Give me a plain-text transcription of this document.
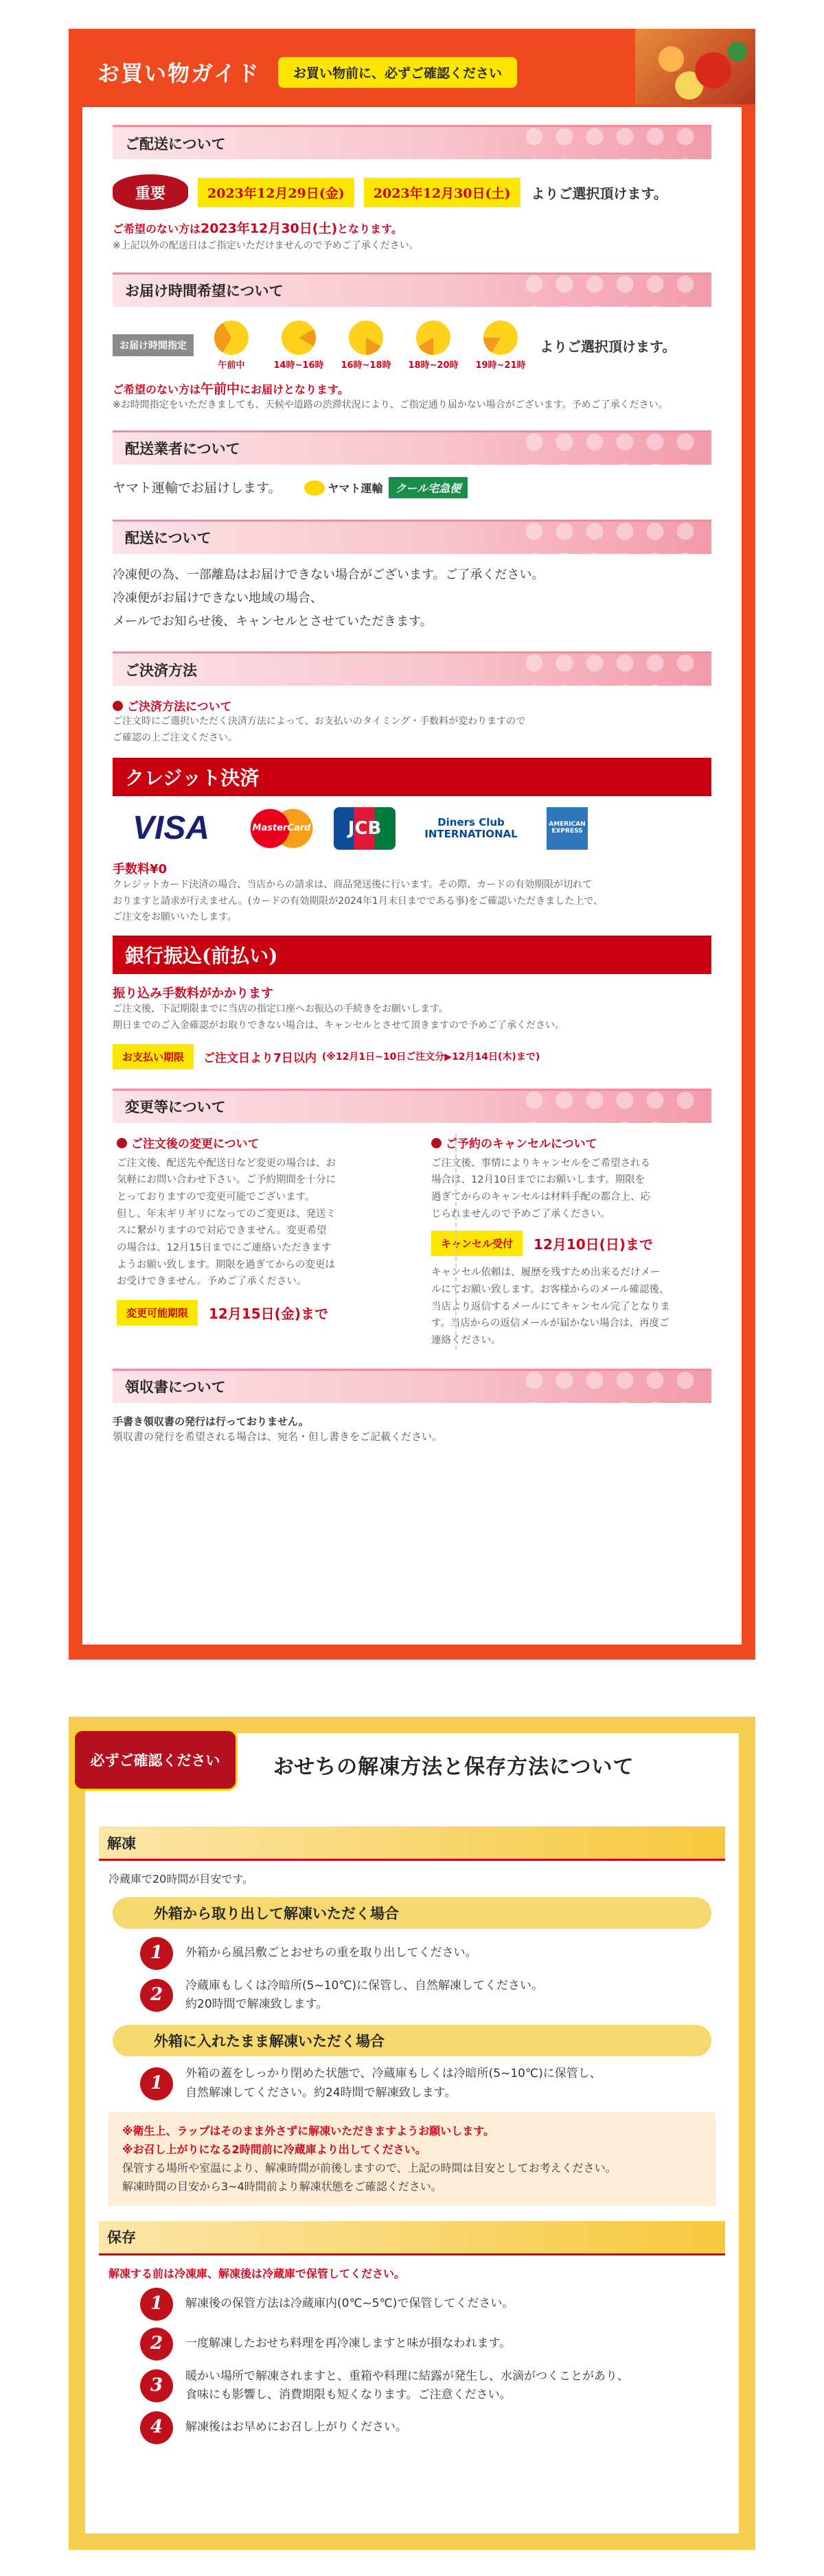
お買い物ガイド	お買い物前に、必ずご確認ください
ご配送について
重要	2023年12月29日(金)	2023年12月30日(土)	よりご選択頂けます。
ご希望のない方は2023年12月30日(土)となります。
※上記以外の配送日はご指定いただけませんので予めご了承ください。
お届け時間希望について
お届け時間指定
午前中	14時~16時	16時~18時	18時~20時	19時~21時
よりご選択頂けます。
ご希望のない方は午前中にお届けとなります。
※お時間指定をいただきましても、天候や道路の渋滞状況により、ご指定通り届かない場合がございます。予めご了承ください。
配送業者について
ヤマト運輸でお届けします。	ヤマト運輸	クール宅急便
配送について
冷凍便の為、一部離島はお届けできない場合がございます。ご了承ください。
冷凍便がお届けできない地域の場合、
メールでお知らせ後、キャンセルとさせていただきます。
ご決済方法
ご決済方法について
ご注文時にご選択いただく決済方法によって、お支払いのタイミング・手数料が変わりますので
ご確認の上ご注文ください。
クレジット決済
VISA	MasterCard	JCB	Diners Club INTERNATIONAL
AMERICAN EXPRESS
手数料¥0
クレジットカード決済の場合、当店からの請求は、商品発送後に行います。その際、カードの有効期限が切れて
おりますと請求が行えません。(カードの有効期限が2024年1月末日までである事)をご確認いただきました上で、
ご注文をお願いいたします。
銀行振込(前払い)
振り込み手数料がかかります
ご注文後、下記期限までに当店の指定口座へお振込の手続きをお願いします。
期日までのご入金確認がお取りできない場合は、キャンセルとさせて頂きますので予めご了承ください。
お支払い期限	ご注文日より7日以内 (※12月1日~10日ご注文分▶12月14日(木)まで)
変更等について
ご注文後の変更について
ご注文後、配送先や配送日など変更の場合は、お
気軽にお問い合わせ下さい。ご予約期間を十分に
とっておりますので変更可能でございます。
但し、年末ギリギリになってのご変更は、発送ミ
スに繋がりますので対応できません。変更希望
の場合は、12月15日までにご連絡いただきます
ようお願い致します。期限を過ぎてからの変更は
お受けできません。予めご了承ください。
変更可能期限	12月15日(金)まで
ご予約のキャンセルについて
ご注文後、事情によりキャンセルをご希望される
場合は、12月10日までにお願いします。期限を
過ぎてからのキャンセルは材料手配の都合上、応
じられませんので予めご了承ください。
キャンセル受付	12月10日(日)まで
キャンセル依頼は、履歴を残すため出来るだけメー
ルにてお願い致します。お客様からのメール確認後、
当店より返信するメールにてキャンセル完了となりま
す。当店からの返信メールが届かない場合は、再度ご
連絡ください。
領収書について
手書き領収書の発行は行っておりません。
領収書の発行を希望される場合は、宛名・但し書きをご記載ください。
必ずご確認ください	おせちの解凍方法と保存方法について
解凍
冷蔵庫で20時間が目安です。
外箱から取り出して解凍いただく場合
1	外箱から風呂敷ごとおせちの重を取り出してください。
2	冷蔵庫もしくは冷暗所(5~10℃)に保管し、自然解凍してください。
約20時間で解凍致します。
外箱に入れたまま解凍いただく場合
1	外箱の蓋をしっかり閉めた状態で、冷蔵庫もしくは冷暗所(5~10℃)に保管し、
自然解凍してください。約24時間で解凍致します。
※衛生上、ラップはそのまま外さずに解凍いただきますようお願いします。
※お召し上がりになる2時間前に冷蔵庫より出してください。
保管する場所や室温により、解凍時間が前後しますので、上記の時間は目安としてお考えください。
解凍時間の目安から3~4時間前より解凍状態をご確認ください。
保存
解凍する前は冷凍庫、解凍後は冷蔵庫で保管してください。
1	解凍後の保管方法は冷蔵庫内(0℃~5℃)で保管してください。
2	一度解凍したおせち料理を再冷凍しますと味が損なわれます。
3	暖かい場所で解凍されますと、重箱や料理に結露が発生し、水滴がつくことがあり、
食味にも影響し、消費期限も短くなります。ご注意ください。
4	解凍後はお早めにお召し上がりください。
